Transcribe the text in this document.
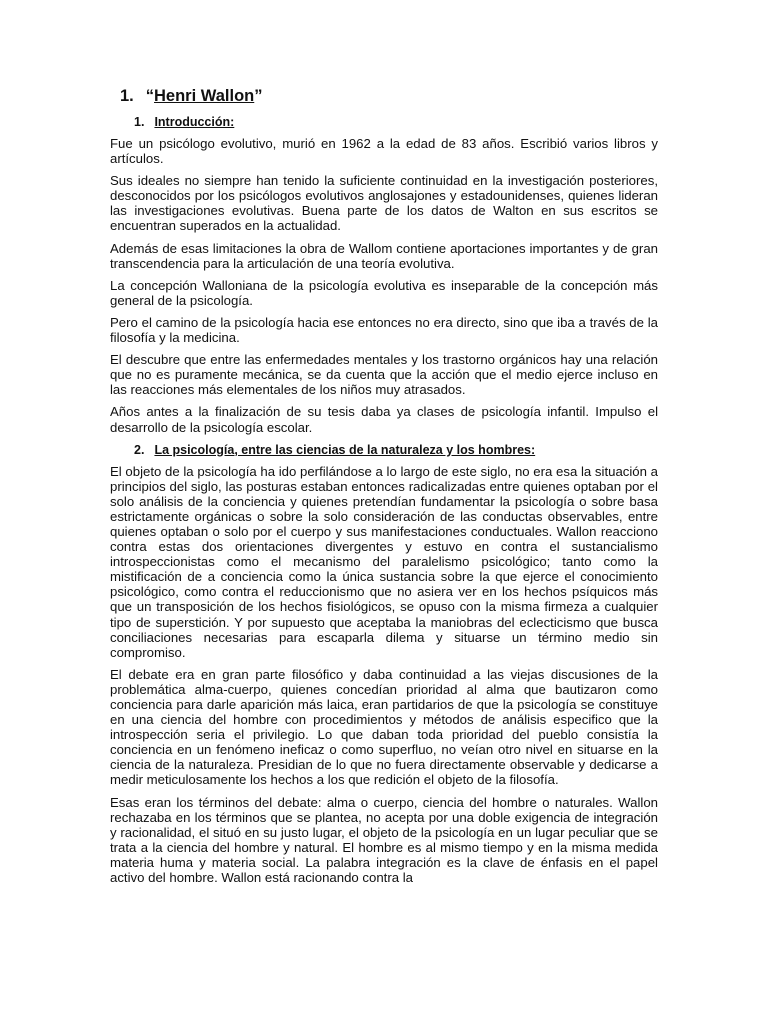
1. “Henri Wallon”
1. Introducción:

Fue un psicólogo evolutivo, murió en 1962 a la edad de 83 años. Escribió varios libros y artículos.

Sus ideales no siempre han tenido la suficiente continuidad en la investigación posteriores, desconocidos por los psicólogos evolutivos anglosajones y estadounidenses, quienes lideran las investigaciones evolutivas. Buena parte de los datos de Walton en sus escritos se encuentran superados en la actualidad.

Además de esas limitaciones la obra de Wallom contiene aportaciones importantes y de gran transcendencia para la articulación de una teoría evolutiva.

La concepción Walloniana de la psicología evolutiva es inseparable de la concepción más general de la psicología.

Pero el camino de la psicología hacia ese entonces no era directo, sino que iba a través de la filosofía y la medicina.

El descubre que entre las enfermedades mentales y los trastorno orgánicos hay una relación que no es puramente mecánica, se da cuenta que la acción que el medio ejerce incluso en las reacciones más elementales de los niños muy atrasados.

Años antes a la finalización de su tesis daba ya clases de psicología infantil. Impulso el desarrollo de la psicología escolar.

2. La psicología, entre las ciencias de la naturaleza y los hombres:

El objeto de la psicología ha ido perfilándose a lo largo de este siglo, no era esa la situación a principios del siglo, las posturas estaban entonces radicalizadas entre quienes optaban por el solo análisis de la conciencia y quienes pretendían fundamentar la psicología o sobre basa estrictamente orgánicas o sobre la solo consideración de las conductas observables, entre quienes optaban o solo por el cuerpo y sus manifestaciones conductuales. Wallon reacciono contra estas dos orientaciones divergentes y estuvo en contra el sustancialismo introspeccionistas como el mecanismo del paralelismo psicológico; tanto como la mistificación de a conciencia como la única sustancia sobre la que ejerce el conocimiento psicológico, como contra el reduccionismo que no asiera ver en los hechos psíquicos más que un transposición de los hechos fisiológicos, se opuso con la misma firmeza a cualquier tipo de superstición. Y por supuesto que aceptaba la maniobras del eclecticismo que busca conciliaciones necesarias para escaparla dilema y situarse un término medio sin compromiso.

El debate era en gran parte filosófico y daba continuidad a las viejas discusiones de la problemática alma-cuerpo, quienes concedían prioridad al alma que bautizaron como conciencia para darle aparición más laica, eran partidarios de que la psicología se constituye en una ciencia del hombre con procedimientos y métodos de análisis especifico que la introspección seria el privilegio. Lo que daban toda prioridad del pueblo consistía la conciencia en un fenómeno ineficaz o como superfluo, no veían otro nivel en situarse en la ciencia de la naturaleza. Presidian de lo que no fuera directamente observable y dedicarse a medir meticulosamente los hechos a los que redición el objeto de la filosofía.

Esas eran los términos del debate: alma o cuerpo, ciencia del hombre o naturales. Wallon rechazaba en los términos que se plantea, no acepta por una doble exigencia de integración y racionalidad, el situó en su justo lugar, el objeto de la psicología en un lugar peculiar que se trata a la ciencia del hombre y natural. El hombre es al mismo tiempo y en la misma medida materia huma y materia social. La palabra integración es la clave de énfasis en el papel activo del hombre. Wallon está racionando contra la
